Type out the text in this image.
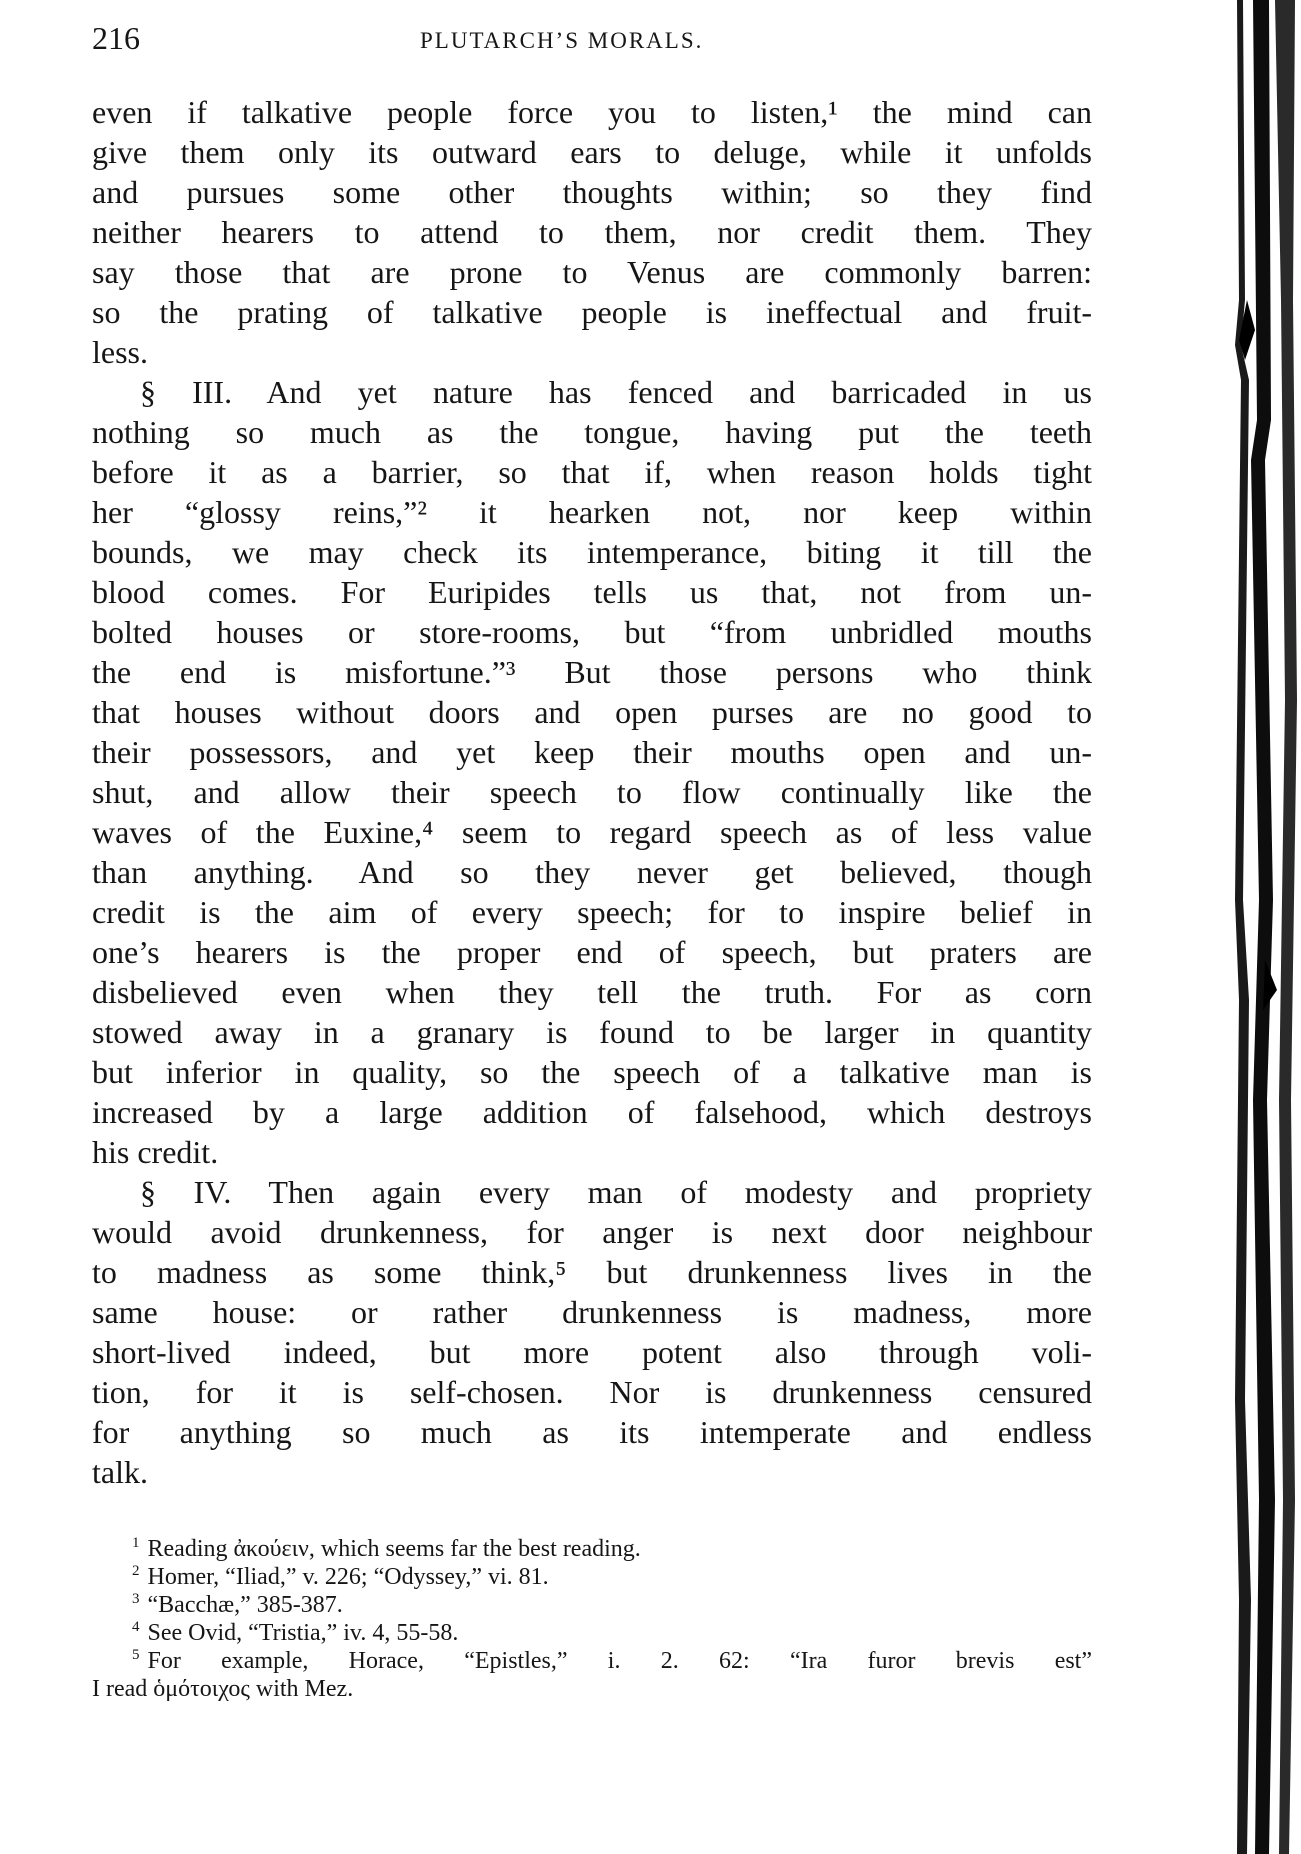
216	PLUTARCH’S MORALS.
even if talkative people force you to listen,¹ the mind can
give them only its outward ears to deluge, while it unfolds
and pursues some other thoughts within; so they find
neither hearers to attend to them, nor credit them. They
say those that are prone to Venus are commonly barren:
so the prating of talkative people is ineffectual and fruit-
less.
§ III. And yet nature has fenced and barricaded in us
nothing so much as the tongue, having put the teeth
before it as a barrier, so that if, when reason holds tight
her “glossy reins,”² it hearken not, nor keep within
bounds, we may check its intemperance, biting it till the
blood comes. For Euripides tells us that, not from un-
bolted houses or store-rooms, but “from unbridled mouths
the end is misfortune.”³ But those persons who think
that houses without doors and open purses are no good to
their possessors, and yet keep their mouths open and un-
shut, and allow their speech to flow continually like the
waves of the Euxine,⁴ seem to regard speech as of less value
than anything. And so they never get believed, though
credit is the aim of every speech; for to inspire belief in
one’s hearers is the proper end of speech, but praters are
disbelieved even when they tell the truth. For as corn
stowed away in a granary is found to be larger in quantity
but inferior in quality, so the speech of a talkative man is
increased by a large addition of falsehood, which destroys
his credit.
§ IV. Then again every man of modesty and propriety
would avoid drunkenness, for anger is next door neighbour
to madness as some think,⁵ but drunkenness lives in the
same house: or rather drunkenness is madness, more
short-lived indeed, but more potent also through voli-
tion, for it is self-chosen. Nor is drunkenness censured
for anything so much as its intemperate and endless
talk.
$^1$ Reading ἀκούειν, which seems far the best reading.
$^2$ Homer, “Iliad,” v. 226; “Odyssey,” vi. 81.
$^3$ “Bacchæ,” 385-387.
$^4$ See Ovid, “Tristia,” iv. 4, 55-58.
$^5$ For example, Horace, “Epistles,” i. 2. 62: “Ira furor brevis est”
I read ὁμότοιχος with Mez.
